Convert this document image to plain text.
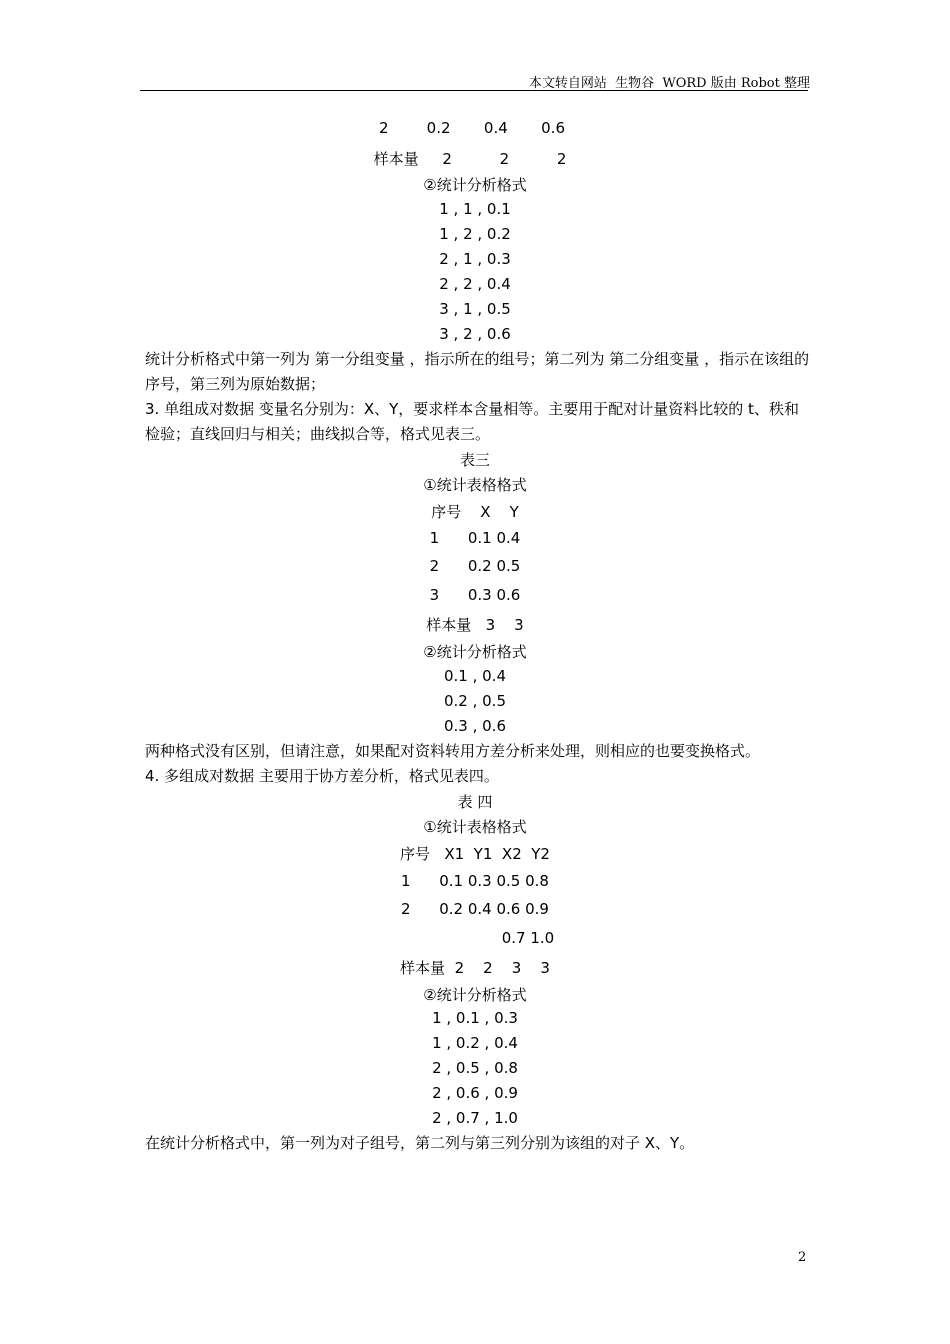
本文转自网站  生物谷  WORD 版由 Robot 整理
2        0.2       0.4       0.6
样本量     2          2          2
②统计分析格式
1 , 1 , 0.1
1 , 2 , 0.2
2 , 1 , 0.3
2 , 2 , 0.4
3 , 1 , 0.5
3 , 2 , 0.6
统计分析格式中第一列为 第一分组变量 ，指示所在的组号；第二列为 第二分组变量 ，指示在该组的序号，第三列为原始数据；
3. 单组成对数据 变量名分别为：X、Y，要求样本含量相等。主要用于配对计量资料比较的 t、秩和检验；直线回归与相关；曲线拟合等，格式见表三。
表三
①统计表格格式
序号    X    Y
1      0.1 0.4
2      0.2 0.5
3      0.3 0.6
样本量   3    3
②统计分析格式
0.1 , 0.4
0.2 , 0.5
0.3 , 0.6
两种格式没有区别，但请注意，如果配对资料转用方差分析来处理，则相应的也要变换格式。
4. 多组成对数据 主要用于协方差分析，格式见表四。
表 四
①统计表格格式
序号   X1  Y1  X2  Y2
1      0.1 0.3 0.5 0.8
2      0.2 0.4 0.6 0.9
0.7 1.0
样本量  2    2    3    3
②统计分析格式
1 , 0.1 , 0.3
1 , 0.2 , 0.4
2 , 0.5 , 0.8
2 , 0.6 , 0.9
2 , 0.7 , 1.0
在统计分析格式中，第一列为对子组号，第二列与第三列分别为该组的对子 X、Y。
2
